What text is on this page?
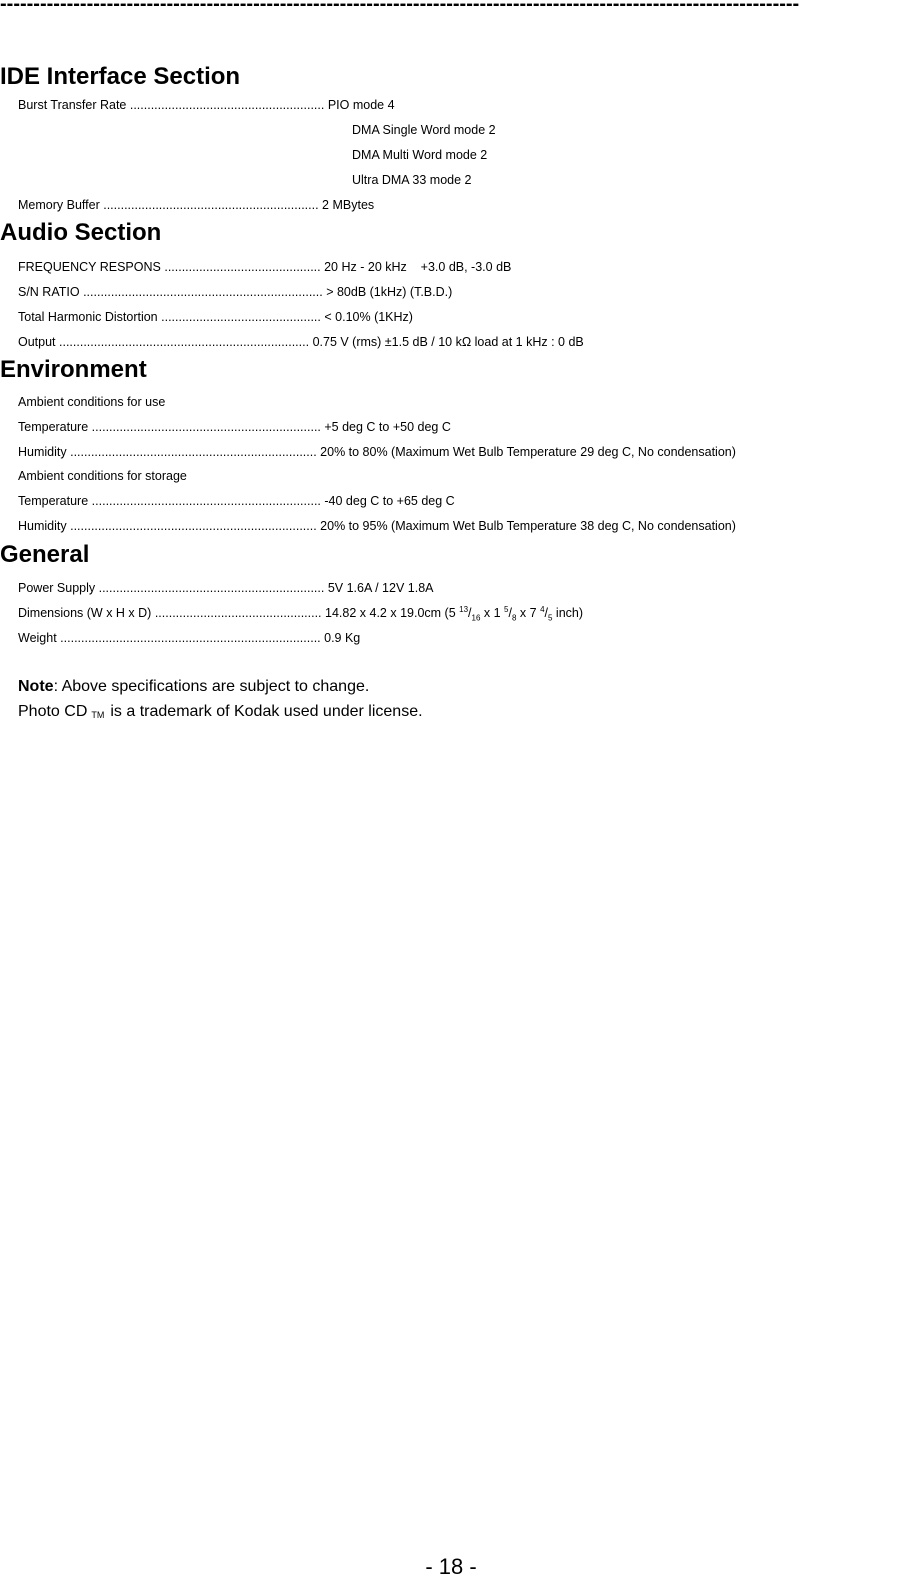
------------------------------------------------------------------------------------------------------------------------
IDE Interface Section
Burst Transfer Rate ........................................................ PIO mode 4
DMA Single Word mode 2
DMA Multi Word mode 2
Ultra DMA 33 mode 2
Memory Buffer .............................................................. 2 MBytes
Audio Section
FREQUENCY RESPONS ............................................. 20 Hz - 20 kHz    +3.0 dB, -3.0 dB
S/N RATIO ..................................................................... > 80dB (1kHz) (T.B.D.)
Total Harmonic Distortion .............................................. < 0.10% (1KHz)
Output ........................................................................ 0.75 V (rms) ±1.5 dB / 10 kΩ load at 1 kHz : 0 dB
Environment
Ambient conditions for use
Temperature .................................................................. +5 deg C to +50 deg C
Humidity ....................................................................... 20% to 80% (Maximum Wet Bulb Temperature 29 deg C, No condensation)
Ambient conditions for storage
Temperature .................................................................. -40 deg C to +65 deg C
Humidity ....................................................................... 20% to 95% (Maximum Wet Bulb Temperature 38 deg C, No condensation)
General
Power Supply ................................................................. 5V 1.6A / 12V 1.8A
Dimensions (W x H x D) ................................................ 14.82 x 4.2 x 19.0cm (5 $^{13}/_{16}$ x 1 $^5/_8$ x 7 $^4/_5$ inch)
Weight ........................................................................... 0.9 Kg
Note: Above specifications are subject to change.
Photo CD TM is a trademark of Kodak used under license.
- 18 -
